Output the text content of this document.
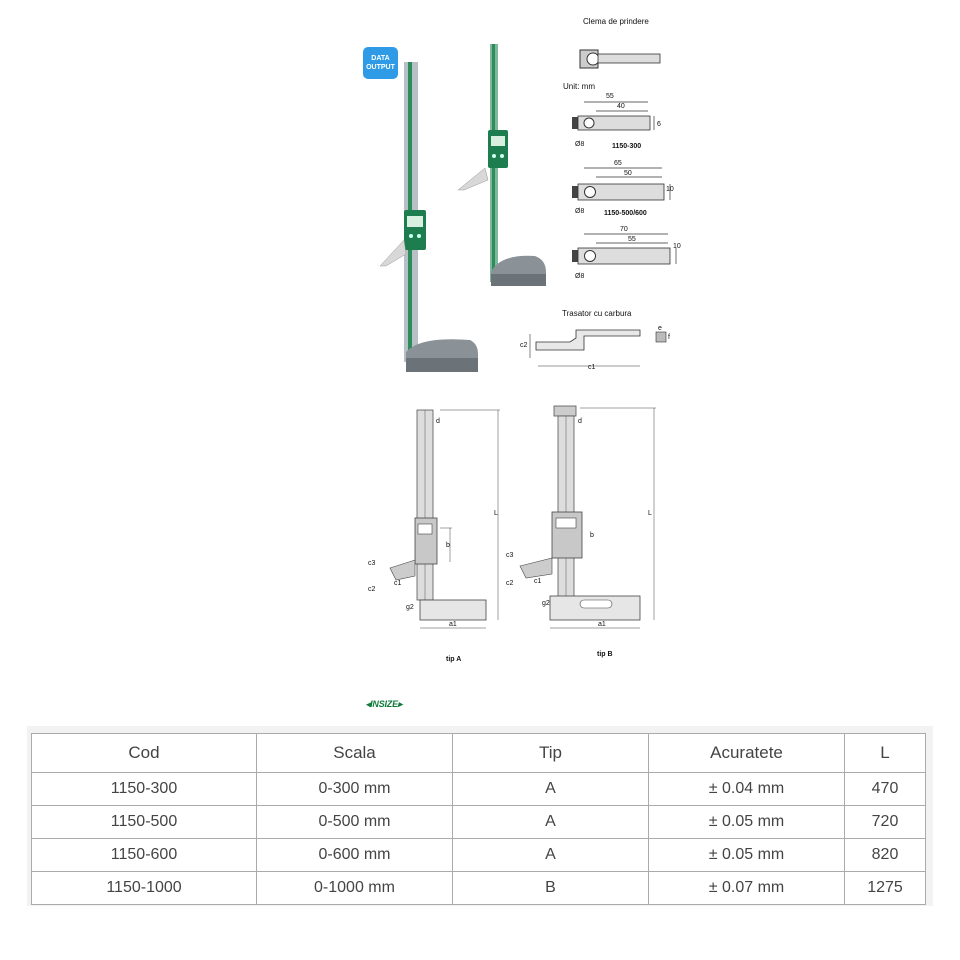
DATA
OUTPUT
Clema de prindere
Unit: mm
55
40
6
Ø8	1150-300
65
50
10
Ø8	1150-500/600
70
55
10
Ø8
Trasator cu carbura
c2
c1
e
f
d
L
b
c3
c1
c2
g2
a1
tip A
d
L
b
c3
c1
c2
g2
a1
tip B
◂ INSIZE ▸
Cod	Scala	Tip	Acuratete	L
1150-300	0-300 mm	A	± 0.04 mm	470
1150-500	0-500 mm	A	± 0.05 mm	720
1150-600	0-600 mm	A	± 0.05 mm	820
1150-1000	0-1000 mm	B	± 0.07 mm	1275
